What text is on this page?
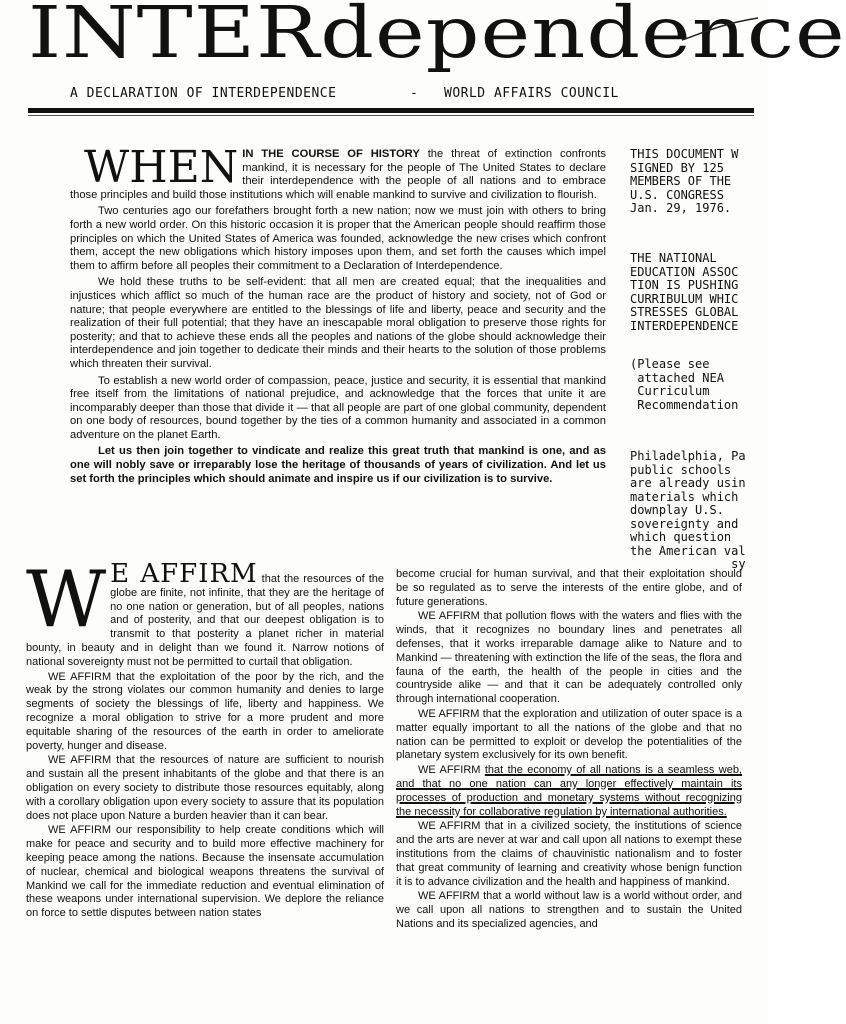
INTERdependence
A DECLARATION OF INTERDEPENDENCE	- WORLD AFFAIRS COUNCIL

WHEN IN THE COURSE OF HISTORY the threat of extinction confronts mankind, it is necessary for the people of The United States to declare their interdependence with the people of all nations and to embrace those principles and build those institutions which will enable mankind to survive and civilization to flourish.

Two centuries ago our forefathers brought forth a new nation; now we must join with others to bring forth a new world order. On this historic occasion it is proper that the American people should reaffirm those principles on which the United States of America was founded, acknowledge the new crises which confront them, accept the new obligations which history imposes upon them, and set forth the causes which impel them to affirm before all peoples their commitment to a Declaration of Interdependence.

We hold these truths to be self-evident: that all men are created equal; that the inequalities and injustices which afflict so much of the human race are the product of history and society, not of God or nature; that people everywhere are entitled to the blessings of life and liberty, peace and security and the realization of their full potential; that they have an inescapable moral obligation to preserve those rights for posterity; and that to achieve these ends all the peoples and nations of the globe should acknowledge their interdependence and join together to dedicate their minds and their hearts to the solution of those problems which threaten their survival.

To establish a new world order of compassion, peace, justice and security, it is essential that mankind free itself from the limitations of national prejudice, and acknowledge that the forces that unite it are incomparably deeper than those that divide it — that all people are part of one global community, dependent on one body of resources, bound together by the ties of a common humanity and associated in a common adventure on the planet Earth.

Let us then join together to vindicate and realize this great truth that mankind is one, and as one will nobly save or irreparably lose the heritage of thousands of years of civilization. And let us set forth the principles which should animate and inspire us if our civilization is to survive.

THIS DOCUMENT W
SIGNED BY 125
MEMBERS OF THE
U.S. CONGRESS
Jan. 29, 1976.
THE NATIONAL
EDUCATION ASSOC
TION IS PUSHING
CURRIBULUM WHIC
STRESSES GLOBAL
INTERDEPENDENCE
(Please see
attached NEA
Curriculum
Recommendation
Philadelphia, Pa
public schools
are already usin
materials which
downplay U.S.
sovereignty and
which question
the American val
sy

W E AFFIRM that the resources of the globe are finite, not infinite, that they are the heritage of no one nation or generation, but of all peoples, nations and of posterity, and that our deepest obligation is to transmit to that posterity a planet richer in material bounty, in beauty and in delight than we found it. Narrow notions of national sovereignty must not be permitted to curtail that obligation.

WE AFFIRM that the exploitation of the poor by the rich, and the weak by the strong violates our common humanity and denies to large segments of society the blessings of life, liberty and happiness. We recognize a moral obligation to strive for a more prudent and more equitable sharing of the resources of the earth in order to ameliorate poverty, hunger and disease.

WE AFFIRM that the resources of nature are sufficient to nourish and sustain all the present inhabitants of the globe and that there is an obligation on every society to distribute those resources equitably, along with a corollary obligation upon every society to assure that its population does not place upon Nature a burden heavier than it can bear.

WE AFFIRM our responsibility to help create conditions which will make for peace and security and to build more effective machinery for keeping peace among the nations. Because the insensate accumulation of nuclear, chemical and biological weapons threatens the survival of Mankind we call for the immediate reduction and eventual elimination of these weapons under international supervision. We deplore the reliance on force to settle disputes between nation states

become crucial for human survival, and that their exploitation should be so regulated as to serve the interests of the entire globe, and of future generations.

WE AFFIRM that pollution flows with the waters and flies with the winds, that it recognizes no boundary lines and penetrates all defenses, that it works irreparable damage alike to Nature and to Mankind — threatening with extinction the life of the seas, the flora and fauna of the earth, the health of the people in cities and the countryside alike — and that it can be adequately controlled only through international cooperation.

WE AFFIRM that the exploration and utilization of outer space is a matter equally important to all the nations of the globe and that no nation can be permitted to exploit or develop the potentialities of the planetary system exclusively for its own benefit.

WE AFFIRM that the economy of all nations is a seamless web, and that no one nation can any longer effectively maintain its processes of production and monetary systems without recognizing the necessity for collaborative regulation by international authorities.

WE AFFIRM that in a civilized society, the institutions of science and the arts are never at war and call upon all nations to exempt these institutions from the claims of chauvinistic nationalism and to foster that great community of learning and creativity whose benign function it is to advance civilization and the health and happiness of mankind.

WE AFFIRM that a world without law is a world without order, and we call upon all nations to strengthen and to sustain the United Nations and its specialized agencies, and
